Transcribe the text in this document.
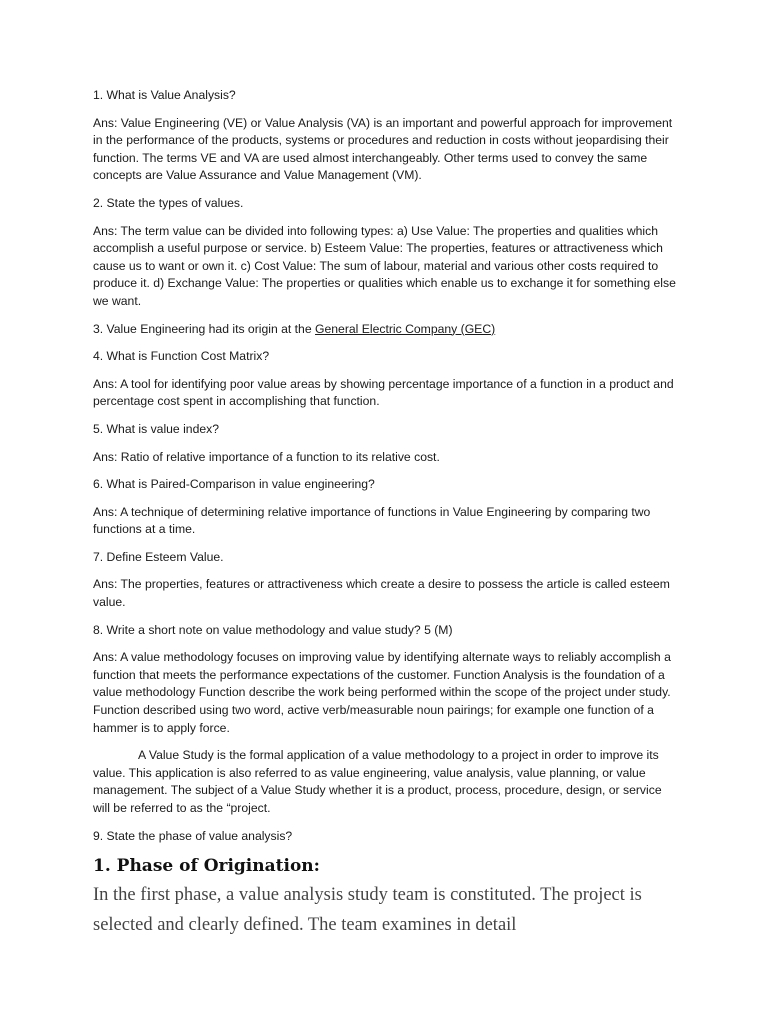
1. What is Value Analysis?

Ans: Value Engineering (VE) or Value Analysis (VA) is an important and powerful approach for improvement in the performance of the products, systems or procedures and reduction in costs without jeopardising their function. The terms VE and VA are used almost interchangeably. Other terms used to convey the same concepts are Value Assurance and Value Management (VM).

2. State the types of values.

Ans: The term value can be divided into following types: a) Use Value: The properties and qualities which accomplish a useful purpose or service. b) Esteem Value: The properties, features or attractiveness which cause us to want or own it. c) Cost Value: The sum of labour, material and various other costs required to produce it. d) Exchange Value: The properties or qualities which enable us to exchange it for something else we want.

3. Value Engineering had its origin at the General Electric Company (GEC)

4. What is Function Cost Matrix?

Ans: A tool for identifying poor value areas by showing percentage importance of a function in a product and percentage cost spent in accomplishing that function.

5. What is value index?

Ans: Ratio of relative importance of a function to its relative cost.

6. What is Paired-Comparison in value engineering?

Ans: A technique of determining relative importance of functions in Value Engineering by comparing two functions at a time.

7. Define Esteem Value.

Ans: The properties, features or attractiveness which create a desire to possess the article is called esteem value.

8. Write a short note on value methodology and value study? 5 (M)

Ans: A value methodology focuses on improving value by identifying alternate ways to reliably accomplish a function that meets the performance expectations of the customer. Function Analysis is the foundation of a value methodology Function describe the work being performed within the scope of the project under study. Function described using two word, active verb/measurable noun pairings; for example one function of a hammer is to apply force.

A Value Study is the formal application of a value methodology to a project in order to improve its value. This application is also referred to as value engineering, value analysis, value planning, or value management. The subject of a Value Study whether it is a product, process, procedure, design, or service will be referred to as the “project.

9. State the phase of value analysis?

1. Phase of Origination:

In the first phase, a value analysis study team is constituted. The project is selected and clearly defined. The team examines in detail
